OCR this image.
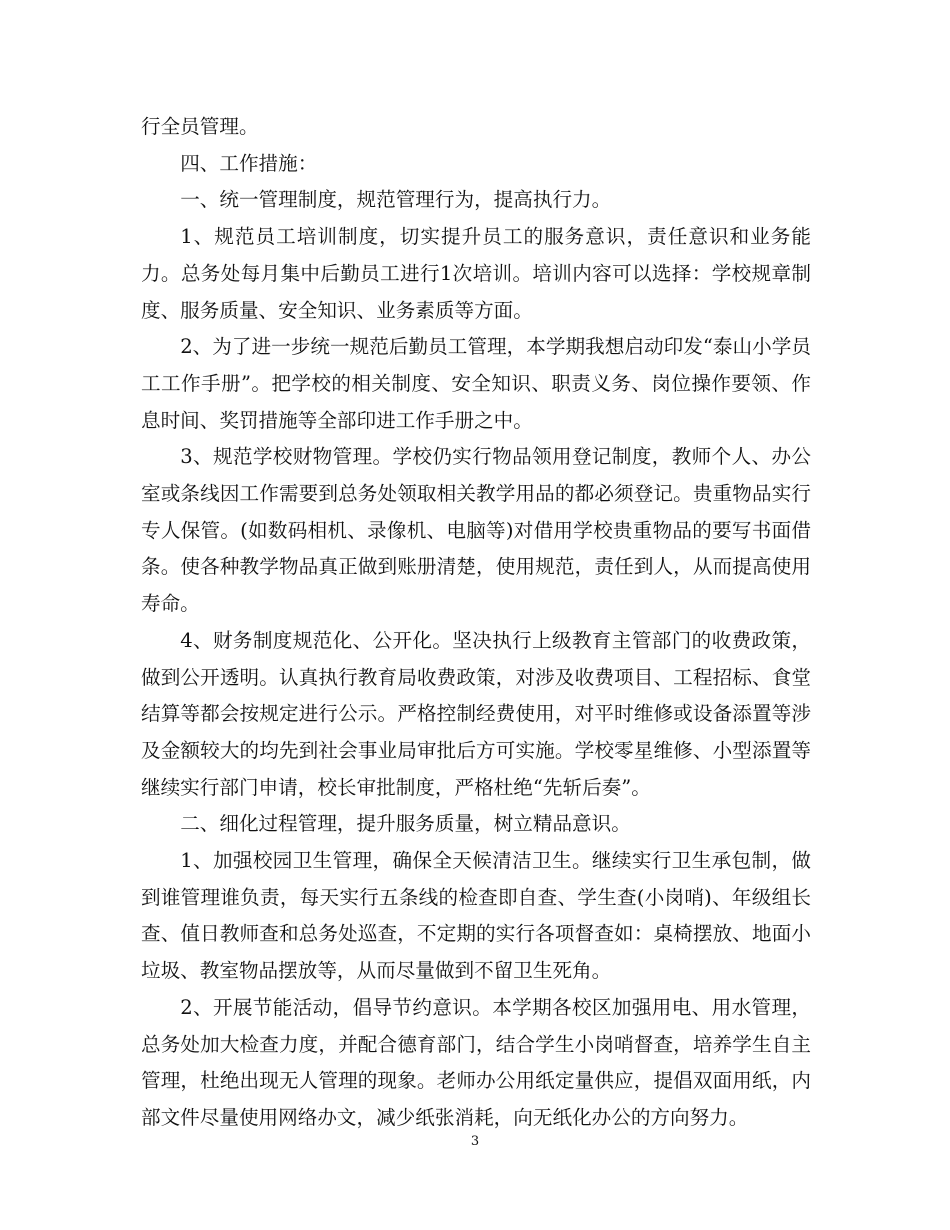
行全员管理。

四、工作措施：

一、统一管理制度，规范管理行为，提高执行力。

1、规范员工培训制度，切实提升员工的服务意识，责任意识和业务能力。总务处每月集中后勤员工进行1次培训。培训内容可以选择：学校规章制度、服务质量、安全知识、业务素质等方面。

2、为了进一步统一规范后勤员工管理，本学期我想启动印发“泰山小学员工工作手册”。把学校的相关制度、安全知识、职责义务、岗位操作要领、作息时间、奖罚措施等全部印进工作手册之中。

3、规范学校财物管理。学校仍实行物品领用登记制度，教师个人、办公室或条线因工作需要到总务处领取相关教学用品的都必须登记。贵重物品实行专人保管。(如数码相机、录像机、电脑等)对借用学校贵重物品的要写书面借条。使各种教学物品真正做到账册清楚，使用规范，责任到人，从而提高使用寿命。

4、财务制度规范化、公开化。坚决执行上级教育主管部门的收费政策，做到公开透明。认真执行教育局收费政策，对涉及收费项目、工程招标、食堂结算等都会按规定进行公示。严格控制经费使用，对平时维修或设备添置等涉及金额较大的均先到社会事业局审批后方可实施。学校零星维修、小型添置等继续实行部门申请，校长审批制度，严格杜绝“先斩后奏”。

二、细化过程管理，提升服务质量，树立精品意识。

1、加强校园卫生管理，确保全天候清洁卫生。继续实行卫生承包制，做到谁管理谁负责，每天实行五条线的检查即自查、学生查(小岗哨)、年级组长查、值日教师查和总务处巡查，不定期的实行各项督查如：桌椅摆放、地面小垃圾、教室物品摆放等，从而尽量做到不留卫生死角。

2、开展节能活动，倡导节约意识。本学期各校区加强用电、用水管理，总务处加大检查力度，并配合德育部门，结合学生小岗哨督查，培养学生自主管理，杜绝出现无人管理的现象。老师办公用纸定量供应，提倡双面用纸，内部文件尽量使用网络办文，减少纸张消耗，向无纸化办公的方向努力。

3
